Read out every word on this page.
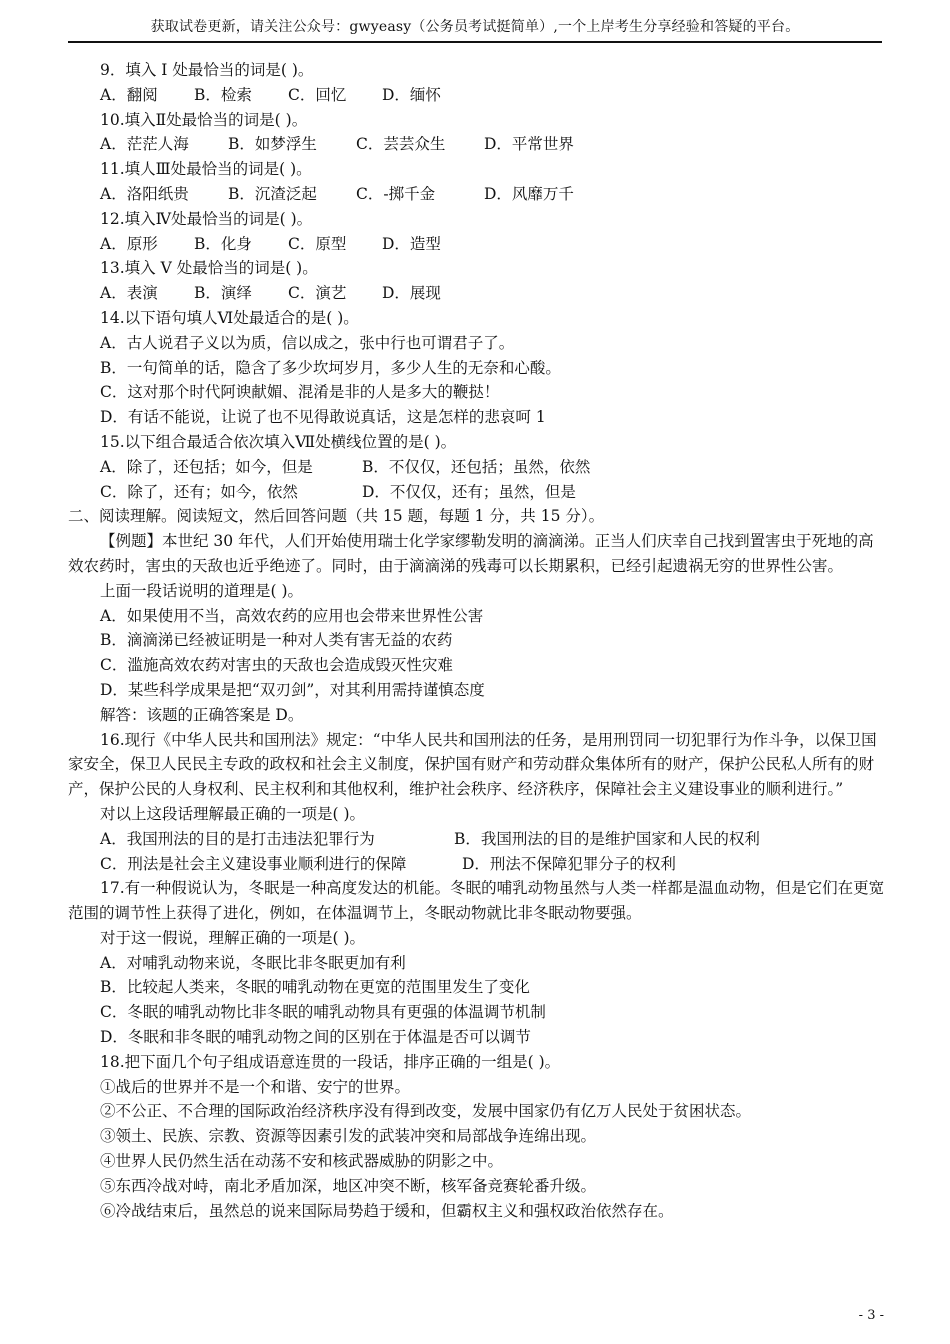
获取试卷更新，请关注公众号：gwyeasy（公务员考试挺简单）,一个上岸考生分享经验和答疑的平台。
9．填入 I 处最恰当的词是( )。
A．翻阅 B．检索 C．回忆 D．缅怀
10.填入Ⅱ处最恰当的词是( )。
A．茫茫人海	B．如梦浮生	C．芸芸众生 D．平常世界
11.填人Ⅲ处最恰当的词是( )。
A．洛阳纸贵	B．沉渣泛起	C．-掷千金	D．风靡万千
12.填入Ⅳ处最恰当的词是( )。
A．原形 B．化身 C．原型 D．造型
13.填入 V 处最恰当的词是( )。
A．表演 B．演绎 C．演艺 D．展现
14.以下语句填人Ⅵ处最适合的是( )。
A．古人说君子义以为质，信以成之，张中行也可谓君子了。
B．一句简单的话，隐含了多少坎坷岁月，多少人生的无奈和心酸。
C．这对那个时代阿谀献媚、混淆是非的人是多大的鞭挞！
D．有话不能说，让说了也不见得敢说真话，这是怎样的悲哀呵 1
15.以下组合最适合依次填入Ⅶ处横线位置的是( )。
A．除了，还包括；如今，但是	B．不仅仅，还包括；虽然，依然
C．除了，还有；如今，依然	D．不仅仅，还有；虽然，但是
二、阅读理解。阅读短文，然后回答问题（共 15 题，每题 1 分，共 15 分）。
【例题】本世纪 30 年代，人们开始使用瑞士化学家缪勒发明的滴滴涕。正当人们庆幸自己找到置害虫于死地的高效农药时，害虫的天敌也近乎绝迹了。同时，由于滴滴涕的残毒可以长期累积，已经引起遗祸无穷的世界性公害。
上面一段话说明的道理是( )。
A．如果使用不当，高效农药的应用也会带来世界性公害
B．滴滴涕已经被证明是一种对人类有害无益的农药
C．滥施高效农药对害虫的天敌也会造成毁灭性灾难
D．某些科学成果是把“双刃剑”，对其利用需持谨慎态度
解答：该题的正确答案是 D。
16.现行《中华人民共和国刑法》规定：“中华人民共和国刑法的任务，是用刑罚同一切犯罪行为作斗争，以保卫国家安全，保卫人民民主专政的政权和社会主义制度，保护国有财产和劳动群众集体所有的财产，保护公民私人所有的财产，保护公民的人身权利、民主权利和其他权利，维护社会秩序、经济秩序，保障社会主义建设事业的顺利进行。”
对以上这段话理解最正确的一项是( )。
A．我国刑法的目的是打击违法犯罪行为	B．我国刑法的目的是维护国家和人民的权利
C．刑法是社会主义建设事业顺利进行的保障	D．刑法不保障犯罪分子的权利
17.有一种假说认为，冬眠是一种高度发达的机能。冬眠的哺乳动物虽然与人类一样都是温血动物，但是它们在更宽范围的调节性上获得了进化，例如，在体温调节上，冬眠动物就比非冬眠动物要强。
对于这一假说，理解正确的一项是( )。
A．对哺乳动物来说，冬眠比非冬眠更加有利
B．比较起人类来，冬眠的哺乳动物在更宽的范围里发生了变化
C．冬眠的哺乳动物比非冬眠的哺乳动物具有更强的体温调节机制
D．冬眠和非冬眠的哺乳动物之间的区别在于体温是否可以调节
18.把下面几个句子组成语意连贯的一段话，排序正确的一组是( )。
①战后的世界并不是一个和谐、安宁的世界。
②不公正、不合理的国际政治经济秩序没有得到改变，发展中国家仍有亿万人民处于贫困状态。
③领土、民族、宗教、资源等因素引发的武装冲突和局部战争连绵出现。
④世界人民仍然生活在动荡不安和核武器威胁的阴影之中。
⑤东西冷战对峙，南北矛盾加深，地区冲突不断，核军备竞赛轮番升级。
⑥冷战结束后，虽然总的说来国际局势趋于缓和，但霸权主义和强权政治依然存在。
- 3 -
